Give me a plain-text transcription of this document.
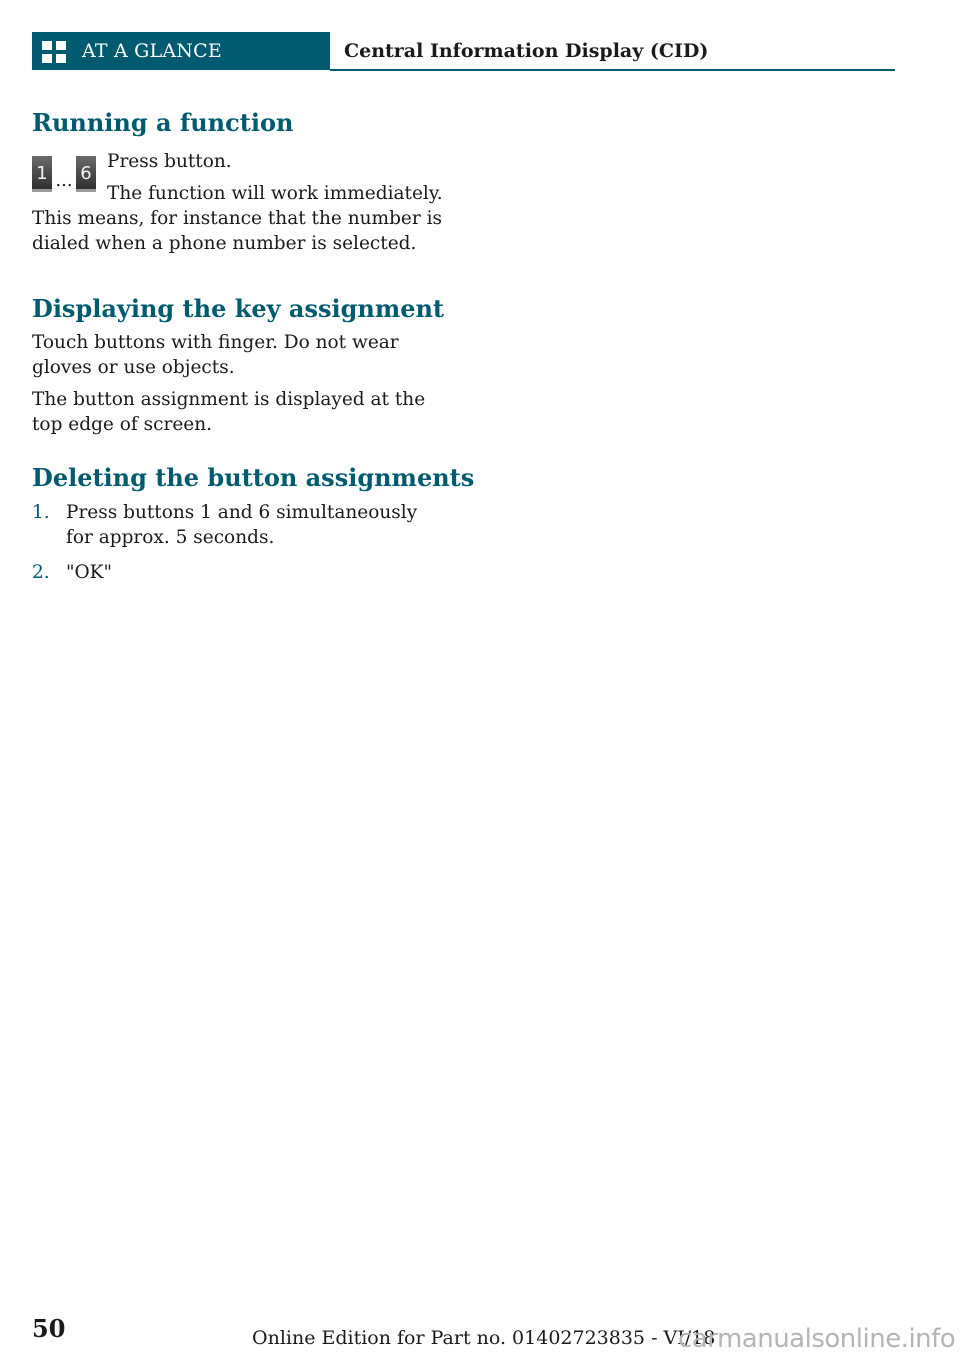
AT A GLANCE	Central Information Display (CID)
Running a function
1 ... 6

Press button.

The function will work immediately.

This means, for instance that the number is

dialed when a phone number is selected.

Displaying the key assignment

Touch buttons with finger. Do not wear

gloves or use objects.

The button assignment is displayed at the

top edge of screen.

Deleting the button assignments

1. Press buttons 1 and 6 simultaneously

for approx. 5 seconds.

2. "OK"

50	Online Edition for Part no. 01402723835 - VI/18
carmanualsonline.info
